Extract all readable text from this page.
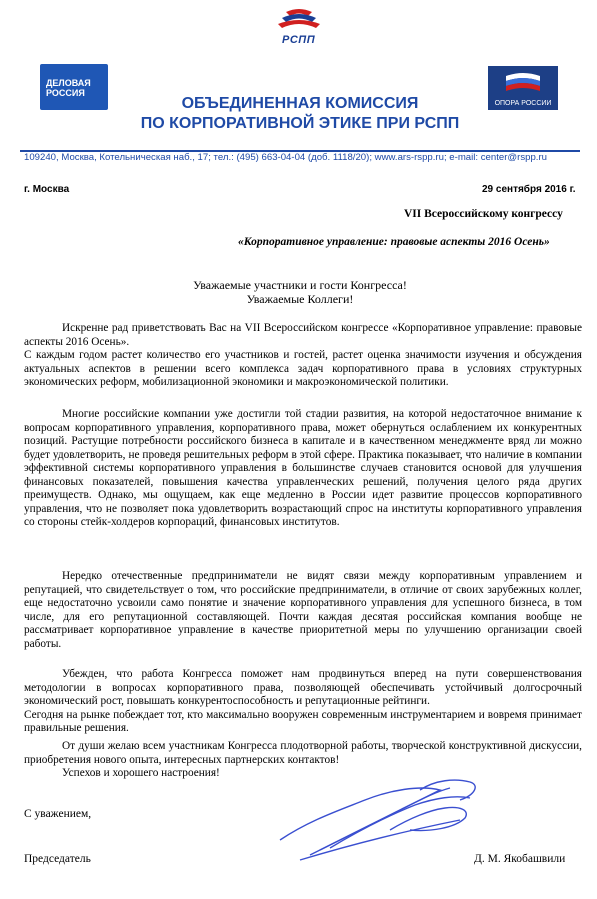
РСПП
ДЕЛОВАЯ
РОССИЯ
ОПОРА РОССИИ
ОБЪЕДИНЕННАЯ КОМИССИЯ
ПО КОРПОРАТИВНОЙ ЭТИКЕ ПРИ РСПП
109240, Москва, Котельническая наб., 17; тел.: (495) 663-04-04 (доб. 1118/20); www.ars-rspp.ru; e-mail: center@rspp.ru
г. Москва	29 сентября 2016 г.
VII Всероссийскому конгрессу
«Корпоративное управление: правовые аспекты 2016 Осень»
Уважаемые участники и гости Конгресса!
Уважаемые Коллеги!

Искренне рад приветствовать Вас на VII Всероссийском конгрессе «Корпоративное управление: правовые аспекты 2016 Осень».

С каждым годом растет количество его участников и гостей, растет оценка значимости изучения и обсуждения актуальных аспектов в решении всего комплекса задач корпоративного права в условиях структурных экономических реформ, мобилизационной экономики и макроэкономической политики.

Многие российские компании уже достигли той стадии развития, на которой недостаточное внимание к вопросам корпоративного управления, корпоративного права, может обернуться ослаблением их конкурентных позиций. Растущие потребности российского бизнеса в капитале и в качественном менеджменте вряд ли можно будет удовлетворить, не проведя решительных реформ в этой сфере. Практика показывает, что наличие в компании эффективной системы корпоративного управления в большинстве случаев становится основой для улучшения финансовых показателей, повышения качества управленческих решений, получения целого ряда других преимуществ. Однако, мы ощущаем, как еще медленно в России идет развитие процессов корпоративного управления, что не позволяет пока удовлетворить возрастающий спрос на институты корпоративного управления со стороны стейк-холдеров корпораций, финансовых институтов.

Нередко отечественные предприниматели не видят связи между корпоративным управлением и репутацией, что свидетельствует о том, что российские предприниматели, в отличие от своих зарубежных коллег, еще недостаточно усвоили само понятие и значение корпоративного управления для успешного бизнеса, в том числе, для его репутационной составляющей. Почти каждая десятая российская компания вообще не рассматривает корпоративное управление в качестве приоритетной меры по улучшению организации своей работы.

Убежден, что работа Конгресса поможет нам продвинуться вперед на пути совершенствования методологии в вопросах корпоративного права, позволяющей обеспечивать устойчивый долгосрочный экономический рост, повышать конкурентоспособность и репутационные рейтинги.

Сегодня на рынке побеждает тот, кто максимально вооружен современным инструментарием и вовремя принимает правильные решения.

От души желаю всем участникам Конгресса плодотворной работы, творческой конструктивной дискуссии, приобретения нового опыта, интересных партнерских контактов!

Успехов и хорошего настроения!

С уважением,
Председатель	Д. М. Якобашвили
